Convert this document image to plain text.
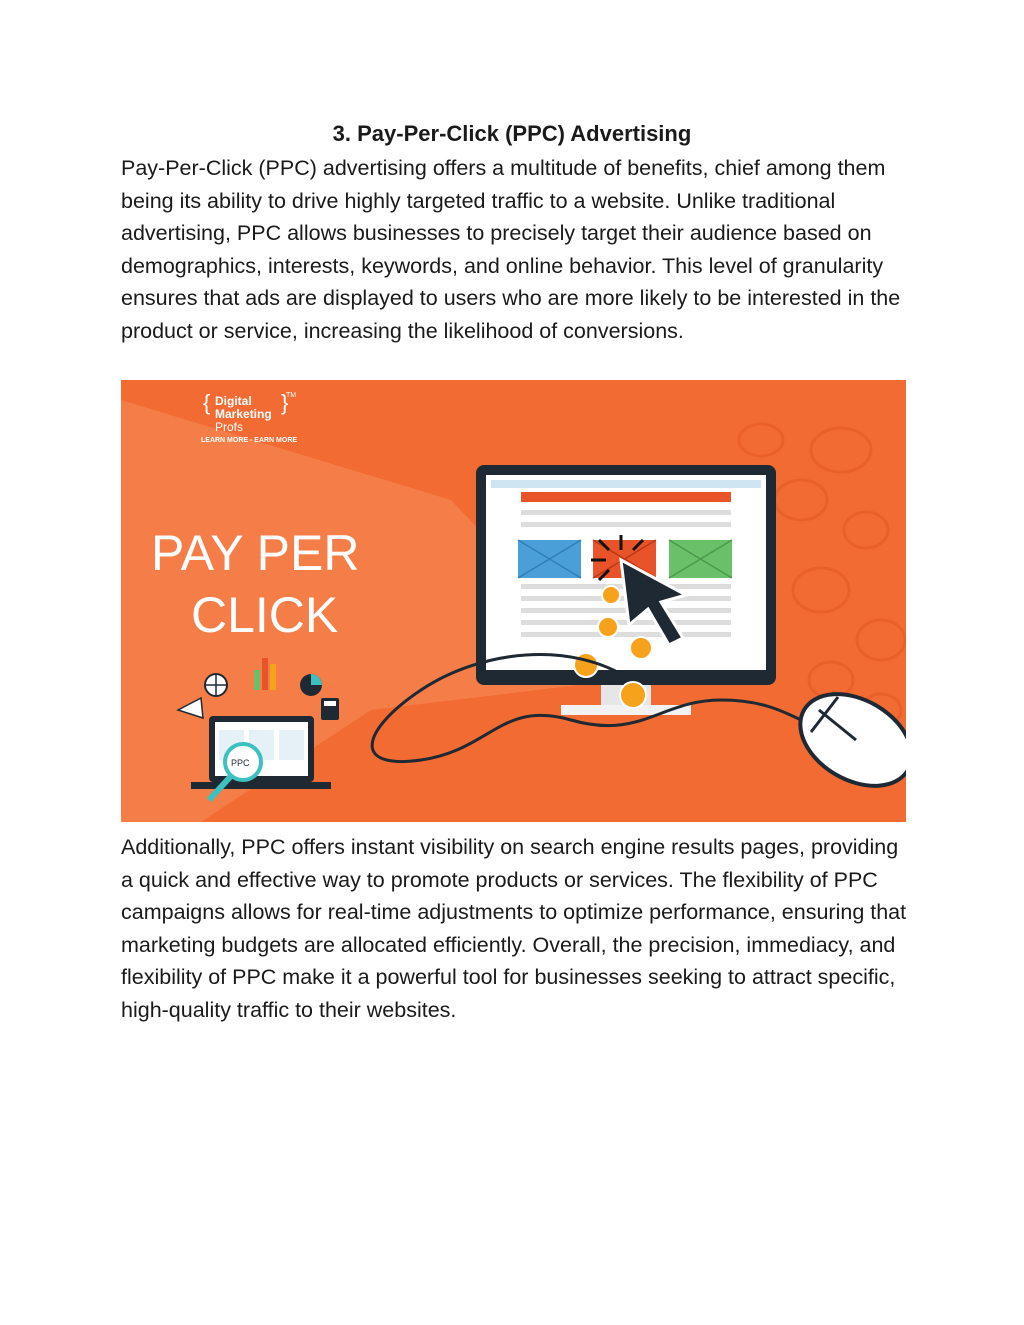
3. Pay-Per-Click (PPC) Advertising

Pay-Per-Click (PPC) advertising offers a multitude of benefits, chief among them being its ability to drive highly targeted traffic to a website. Unlike traditional advertising, PPC allows businesses to precisely target their audience based on demographics, interests, keywords, and online behavior. This level of granularity ensures that ads are displayed to users who are more likely to be interested in the product or service, increasing the likelihood of conversions.

{	}
Digital
Marketing
Profs
TM
LEARN MORE - EARN MORE
PAY PER
CLICK
PPC

Additionally, PPC offers instant visibility on search engine results pages, providing a quick and effective way to promote products or services. The flexibility of PPC campaigns allows for real-time adjustments to optimize performance, ensuring that marketing budgets are allocated efficiently. Overall, the precision, immediacy, and flexibility of PPC make it a powerful tool for businesses seeking to attract specific, high-quality traffic to their websites.
